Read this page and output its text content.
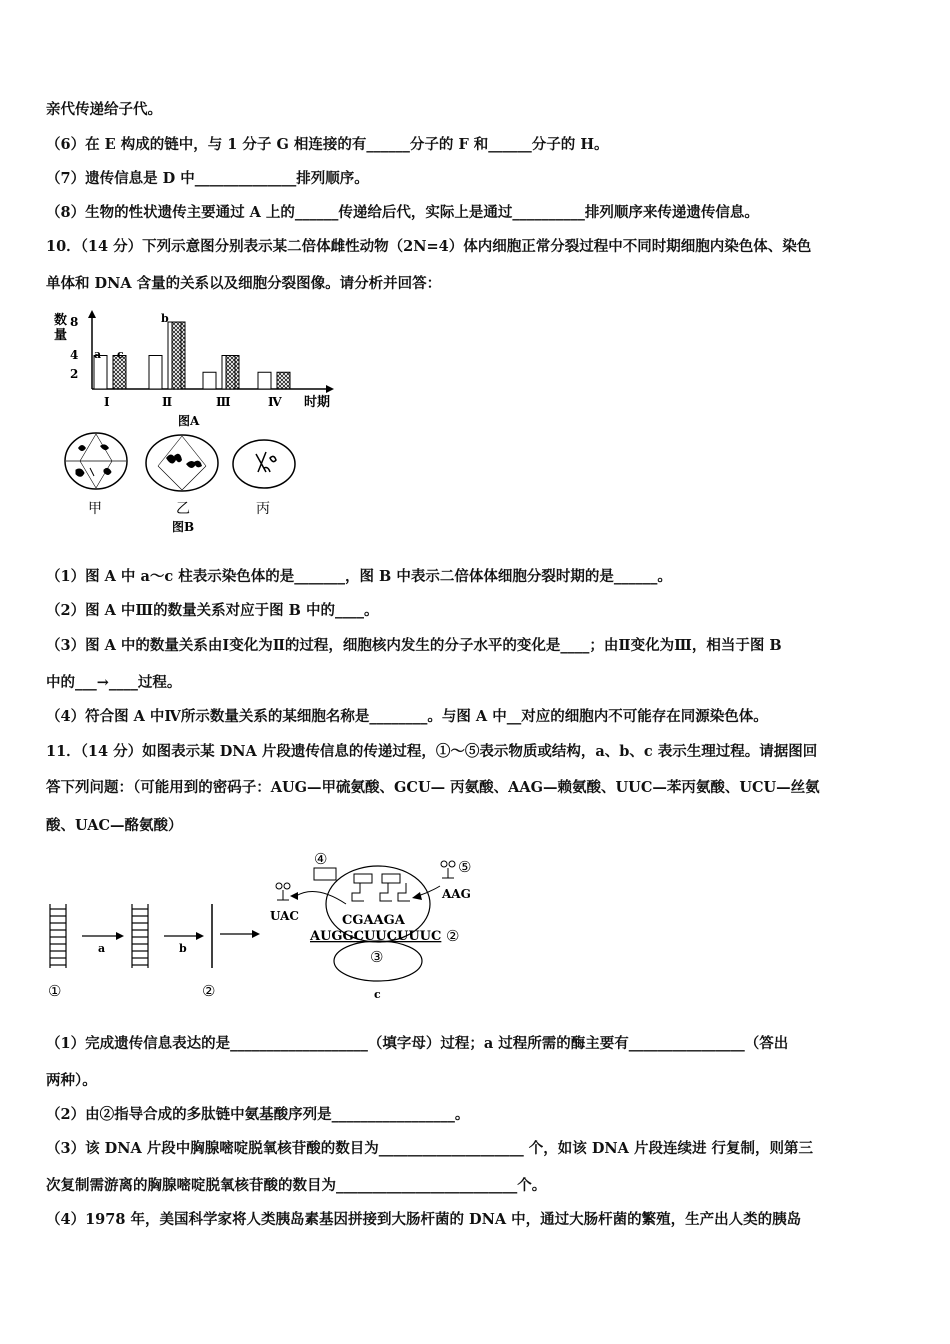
亲代传递给子代。
（6）在 E 构成的链中，与 1 分子 G 相连接的有______分子的 F 和______分子的 H。
（7）遗传信息是 D 中______________排列顺序。
（8）生物的性状遗传主要通过 A 上的______传递给后代，实际上是通过__________排列顺序来传递遗传信息。
10．（14 分）下列示意图分别表示某二倍体雌性动物（2N=4）体内细胞正常分裂过程中不同时期细胞内染色体、染色
单体和 DNA 含量的关系以及细胞分裂图像。请分析并回答：
数
量
8
4
2
a c
b
Ⅰ	Ⅱ	Ⅲ	Ⅳ 时期
图A
甲	乙	丙
图B
（1）图 A 中 a～c 柱表示染色体的是_______，图 B 中表示二倍体体细胞分裂时期的是______。
（2）图 A 中Ⅲ的数量关系对应于图 B 中的____。
（3）图 A 中的数量关系由Ⅰ变化为Ⅱ的过程，细胞核内发生的分子水平的变化是____；由Ⅱ变化为Ⅲ，相当于图 B
中的___→____过程。
（4）符合图 A 中Ⅳ所示数量关系的某细胞名称是________。与图 A 中__对应的细胞内不可能存在同源染色体。
11．（14 分）如图表示某 DNA 片段遗传信息的传递过程，①～⑤表示物质或结构，a、b、c 表示生理过程。请据图回
答下列问题：（可能用到的密码子：AUG—甲硫氨酸、GCU— 丙氨酸、AAG—赖氨酸、UUC—苯丙氨酸、UCU—丝氨
酸、UAC—酪氨酸）
①
a	b
②
④
UAC
⑤
AAG
CGAAGA
AUGGCUUCUUUC ②
③
c
（1）完成遗传信息表达的是___________________（填字母）过程；a 过程所需的酶主要有________________（答出
两种）。
（2）由②指导合成的多肽链中氨基酸序列是_________________。
（3）该 DNA 片段中胸腺嘧啶脱氧核苷酸的数目为____________________ 个，如该 DNA 片段连续进 行复制，则第三
次复制需游离的胸腺嘧啶脱氧核苷酸的数目为_________________________个。
（4）1978 年，美国科学家将人类胰岛素基因拼接到大肠杆菌的 DNA 中，通过大肠杆菌的繁殖，生产出人类的胰岛
